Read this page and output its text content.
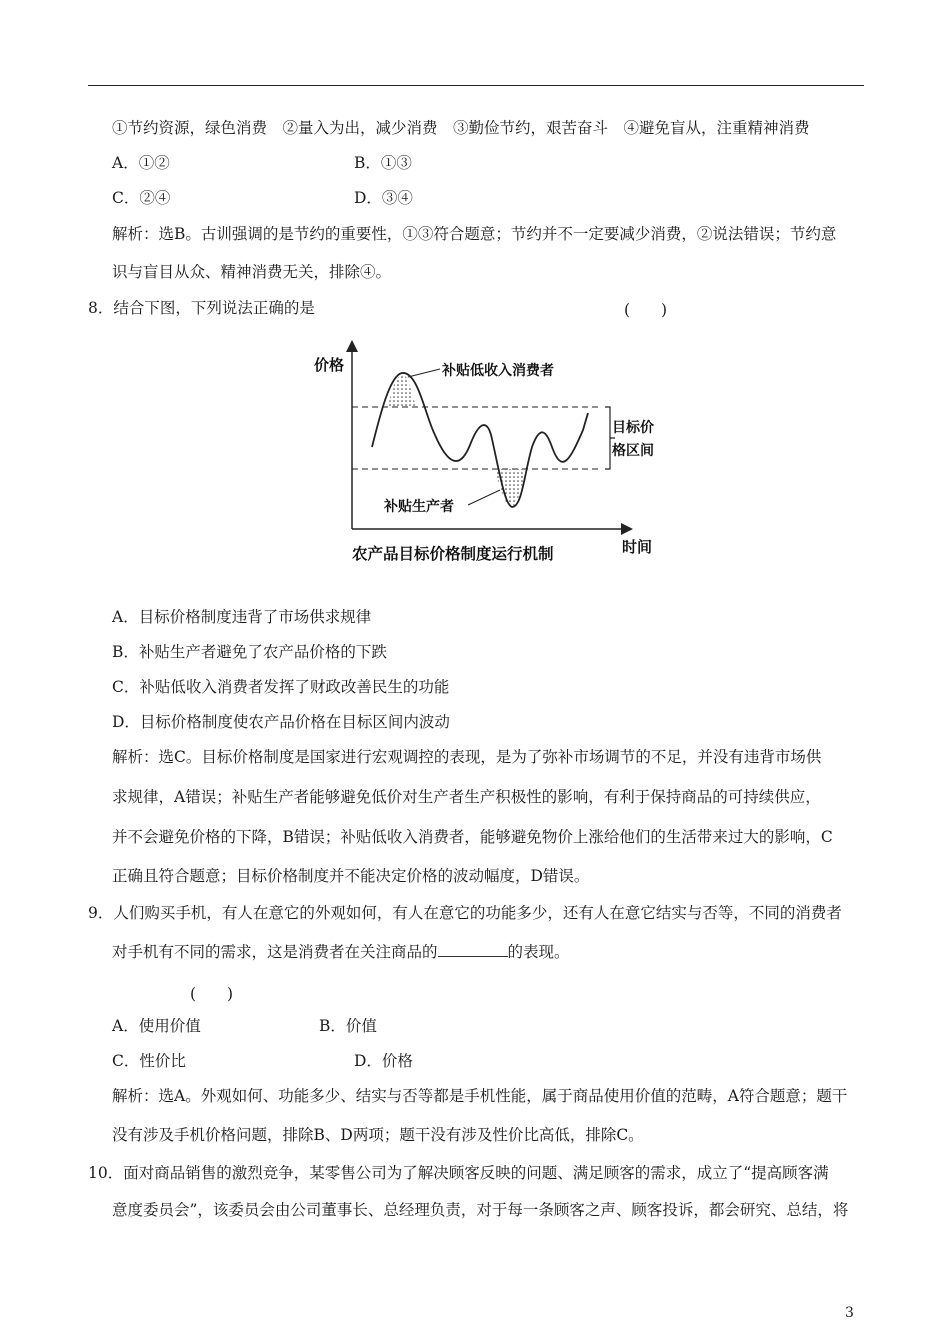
①节约资源，绿色消费　②量入为出，减少消费　③勤俭节约，艰苦奋斗　④避免盲从，注重精神消费
A．①②	B．①③
C．②④	D．③④
解析：选B。古训强调的是节约的重要性，①③符合题意；节约并不一定要减少消费，②说法错误；节约意
识与盲目从众、精神消费无关，排除④。
8．结合下图，下列说法正确的是	(　　)
价格
时间
补贴低收入消费者
补贴生产者
目标价
格区间
农产品目标价格制度运行机制
A．目标价格制度违背了市场供求规律
B．补贴生产者避免了农产品价格的下跌
C．补贴低收入消费者发挥了财政改善民生的功能
D．目标价格制度使农产品价格在目标区间内波动
解析：选C。目标价格制度是国家进行宏观调控的表现，是为了弥补市场调节的不足，并没有违背市场供
求规律，A错误；补贴生产者能够避免低价对生产者生产积极性的影响，有利于保持商品的可持续供应，
并不会避免价格的下降，B错误；补贴低收入消费者，能够避免物价上涨给他们的生活带来过大的影响，C
正确且符合题意；目标价格制度并不能决定价格的波动幅度，D错误。
9．人们购买手机，有人在意它的外观如何，有人在意它的功能多少，还有人在意它结实与否等，不同的消费者
对手机有不同的需求，这是消费者在关注商品的	的表现。
(　　)
A．使用价值	B．价值
C．性价比	D．价格
解析：选A。外观如何、功能多少、结实与否等都是手机性能，属于商品使用价值的范畴，A符合题意；题干
没有涉及手机价格问题，排除B、D两项；题干没有涉及性价比高低，排除C。
10．面对商品销售的激烈竞争，某零售公司为了解决顾客反映的问题、满足顾客的需求，成立了“提高顾客满
意度委员会”，该委员会由公司董事长、总经理负责，对于每一条顾客之声、顾客投诉，都会研究、总结，将
3
